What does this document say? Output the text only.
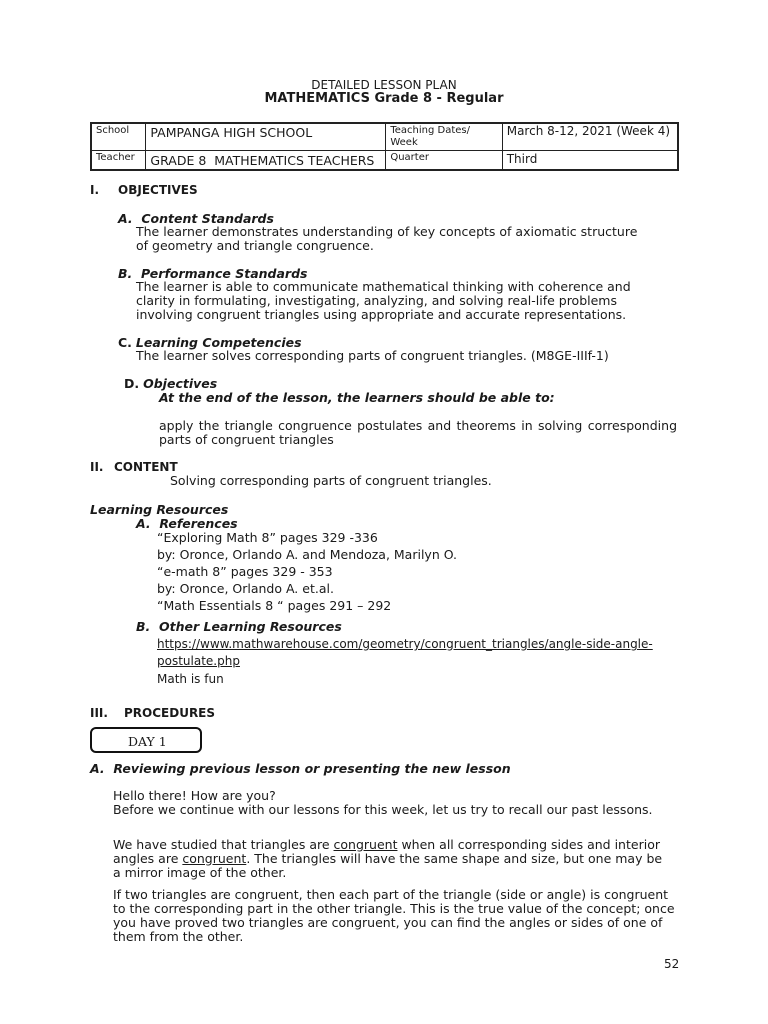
DETAILED LESSON PLAN
MATHEMATICS Grade 8 - Regular
School	PAMPANGA HIGH SCHOOL	Teaching Dates/ Week	March 8-12, 2021 (Week 4)
Teacher	GRADE 8  MATHEMATICS TEACHERS	Quarter	Third
I. OBJECTIVES
A.  Content Standards
The learner demonstrates understanding of key concepts of axiomatic structure of geometry and triangle congruence.
B.  Performance Standards
The learner is able to communicate mathematical thinking with coherence and clarity in formulating, investigating, analyzing, and solving real-life problems involving congruent triangles using appropriate and accurate representations.
C. Learning Competencies
The learner solves corresponding parts of congruent triangles. (M8GE-IIIf-1)
D. Objectives
At the end of the lesson, the learners should be able to:
apply the triangle congruence postulates and theorems in solving corresponding parts of congruent triangles
II. CONTENT
Solving corresponding parts of congruent triangles.
Learning Resources
A.  References
“Exploring Math 8” pages 329 -336
by: Oronce, Orlando A. and Mendoza, Marilyn O.
“e-math 8” pages 329 - 353
by: Oronce, Orlando A. et.al.
“Math Essentials 8 “ pages 291 – 292
B.  Other Learning Resources
https://www.mathwarehouse.com/geometry/congruent_triangles/angle-side-angle-
postulate.php
Math is fun
III. PROCEDURES
DAY 1
A.  Reviewing previous lesson or presenting the new lesson
Hello there! How are you?
Before we continue with our lessons for this week, let us try to recall our past lessons.
We have studied that triangles are congruent when all corresponding sides and interior angles are congruent. The triangles will have the same shape and size, but one may be a mirror image of the other.
If two triangles are congruent, then each part of the triangle (side or angle) is congruent to the corresponding part in the other triangle. This is the true value of the concept; once you have proved two triangles are congruent, you can find the angles or sides of one of them from the other.
52
